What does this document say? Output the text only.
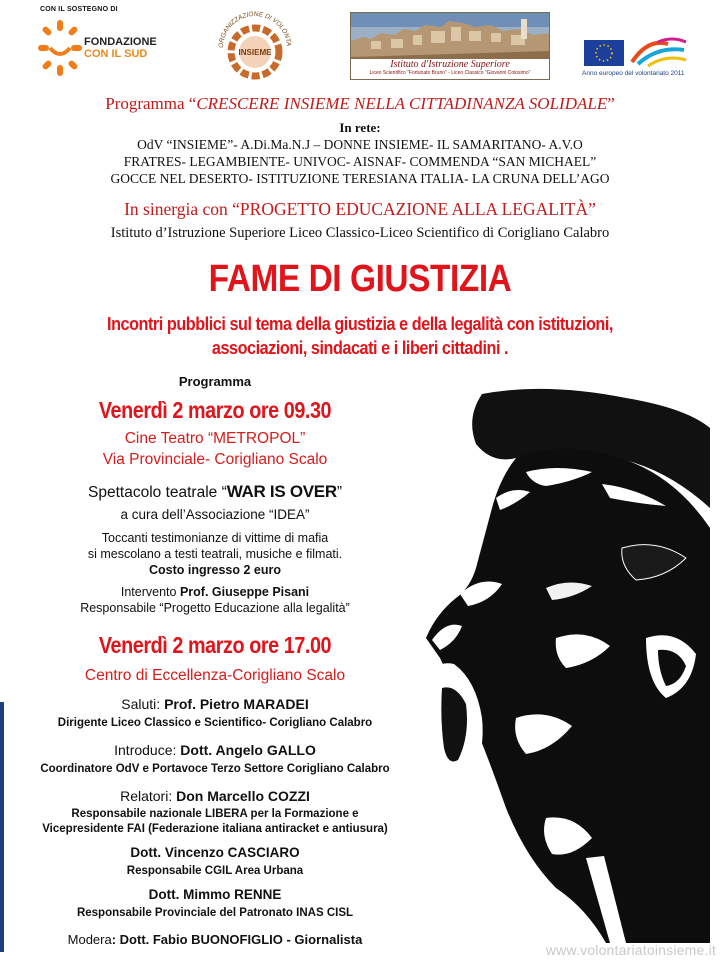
CON IL SOSTEGNO DI
FONDAZIONE
CON IL SUD
ORGANIZZAZIONE DI VOLONTA
INSIEME
Istituto d'Istruzione Superiore
Liceo Scientifico "Fortunato Bruno" - Liceo Classico "Giovanni Colosimo"	Anno europeo del volontariato 2011
Programma “CRESCERE INSIEME NELLA CITTADINANZA SOLIDALE”
In rete:
OdV “INSIEME”- A.Di.Ma.N.J – DONNE INSIEME- IL SAMARITANO- A.V.O
FRATRES- LEGAMBIENTE- UNIVOC- AISNAF- COMMENDA “SAN MICHAEL”
GOCCE NEL DESERTO- ISTITUZIONE TERESIANA ITALIA- LA CRUNA DELL’AGO
In sinergia con “PROGETTO EDUCAZIONE ALLA LEGALITÀ”
Istituto d’Istruzione Superiore Liceo Classico-Liceo Scientifico di Corigliano Calabro
FAME DI GIUSTIZIA
Incontri pubblici sul tema della giustizia e della legalità con istituzioni,
associazioni, sindacati e i liberi cittadini .
Programma
Venerdì 2 marzo ore 09.30
Cine Teatro “METROPOL”
Via Provinciale- Corigliano Scalo
Spettacolo teatrale “WAR IS OVER”
a cura dell’Associazione “IDEA”
Toccanti testimonianze di vittime di mafia
si mescolano a testi teatrali, musiche e filmati.
Costo ingresso 2 euro
Intervento Prof. Giuseppe Pisani
Responsabile “Progetto Educazione alla legalità”
Venerdì 2 marzo ore 17.00
Centro di Eccellenza-Corigliano Scalo
Saluti: Prof. Pietro MARADEI
Dirigente Liceo Classico e Scientifico- Corigliano Calabro
Introduce: Dott. Angelo GALLO
Coordinatore OdV e Portavoce Terzo Settore Corigliano Calabro
Relatori: Don Marcello COZZI
Responsabile nazionale LIBERA per la Formazione e
Vicepresidente FAI (Federazione italiana antiracket e antiusura)
Dott. Vincenzo CASCIARO
Responsabile CGIL Area Urbana
Dott. Mimmo RENNE
Responsabile Provinciale del Patronato INAS CISL
Modera: Dott. Fabio BUONOFIGLIO - Giornalista
www.volontariatoinsieme.it
